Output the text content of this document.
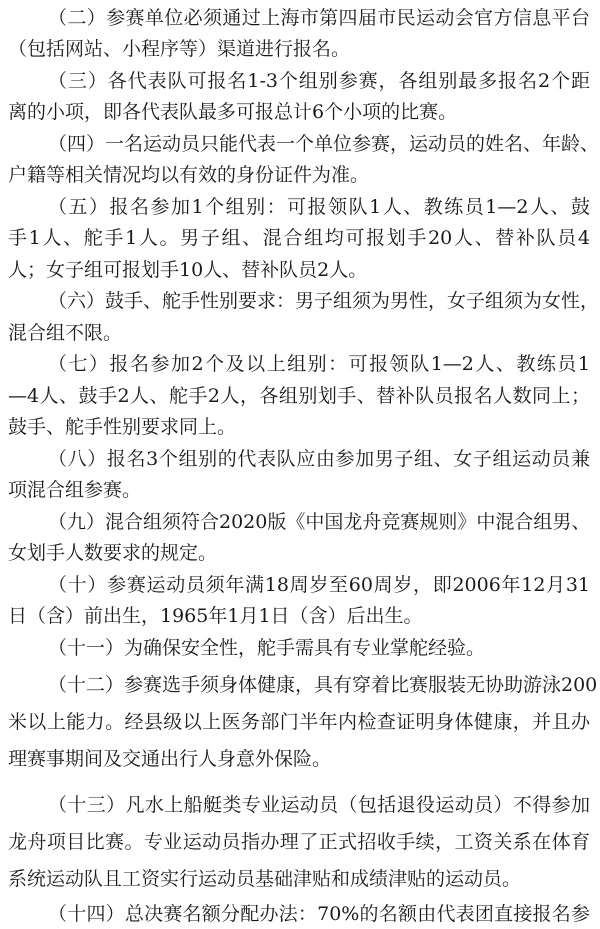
（二）参赛单位必须通过上海市第四届市民运动会官方信息平台
（包括网站、小程序等）渠道进行报名。
（三）各代表队可报名1-3个组别参赛，各组别最多报名2个距
离的小项，即各代表队最多可报总计6个小项的比赛。
（四）一名运动员只能代表一个单位参赛，运动员的姓名、年龄、
户籍等相关情况均以有效的身份证件为准。
（五）报名参加1个组别：可报领队1人、教练员1—2人、鼓
手1人、舵手1人。男子组、混合组均可报划手20人、替补队员4
人；女子组可报划手10人、替补队员2人。
（六）鼓手、舵手性别要求：男子组须为男性，女子组须为女性，
混合组不限。
（七）报名参加2个及以上组别：可报领队1—2人、教练员1
—4人、鼓手2人、舵手2人，各组别划手、替补队员报名人数同上；
鼓手、舵手性别要求同上。
（八）报名3个组别的代表队应由参加男子组、女子组运动员兼
项混合组参赛。
（九）混合组须符合2020版《中国龙舟竞赛规则》中混合组男、
女划手人数要求的规定。
（十）参赛运动员须年满18周岁至60周岁，即2006年12月31
日（含）前出生，1965年1月1日（含）后出生。
（十一）为确保安全性，舵手需具有专业掌舵经验。
（十二）参赛选手须身体健康，具有穿着比赛服装无协助游泳200
米以上能力。经县级以上医务部门半年内检查证明身体健康，并且办
理赛事期间及交通出行人身意外保险。
（十三）凡水上船艇类专业运动员（包括退役运动员）不得参加
龙舟项目比赛。专业运动员指办理了正式招收手续，工资关系在体育
系统运动队且工资实行运动员基础津贴和成绩津贴的运动员。
（十四）总决赛名额分配办法：70%的名额由代表团直接报名参
